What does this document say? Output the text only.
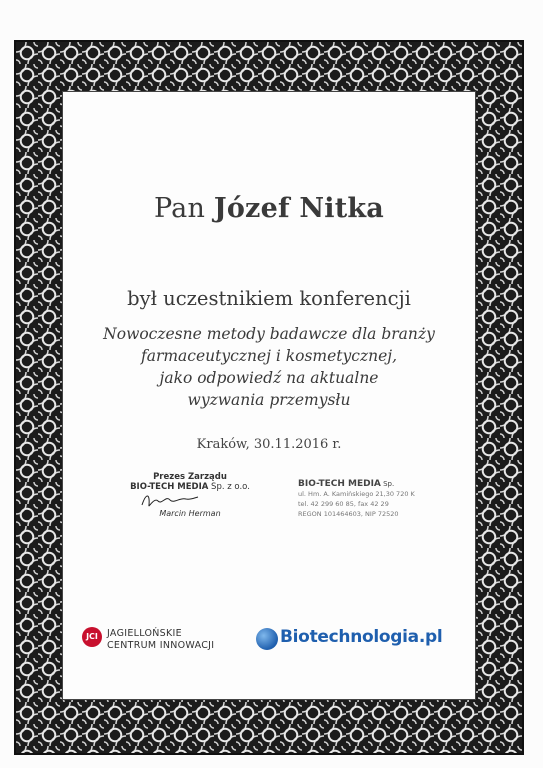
Pan Józef Nitka
był uczestnikiem konferencji
Nowoczesne metody badawcze dla branży
farmaceutycznej i kosmetycznej,
jako odpowiedź na aktualne
wyzwania przemysłu
Kraków, 30.11.2016 r.
Prezes Zarządu
BIO-TECH MEDIA Sp. z o.o.
Marcin Herman
BIO-TECH MEDIA Sp.
ul. Hm. A. Kamińskiego 21,30 720 K
tel. 42 299 60 85, fax 42 29
REGON 101464603, NIP 72520
JCI JAGIELLOŃSKIE
CENTRUM INNOWACJI	Biotechnologia.pl
